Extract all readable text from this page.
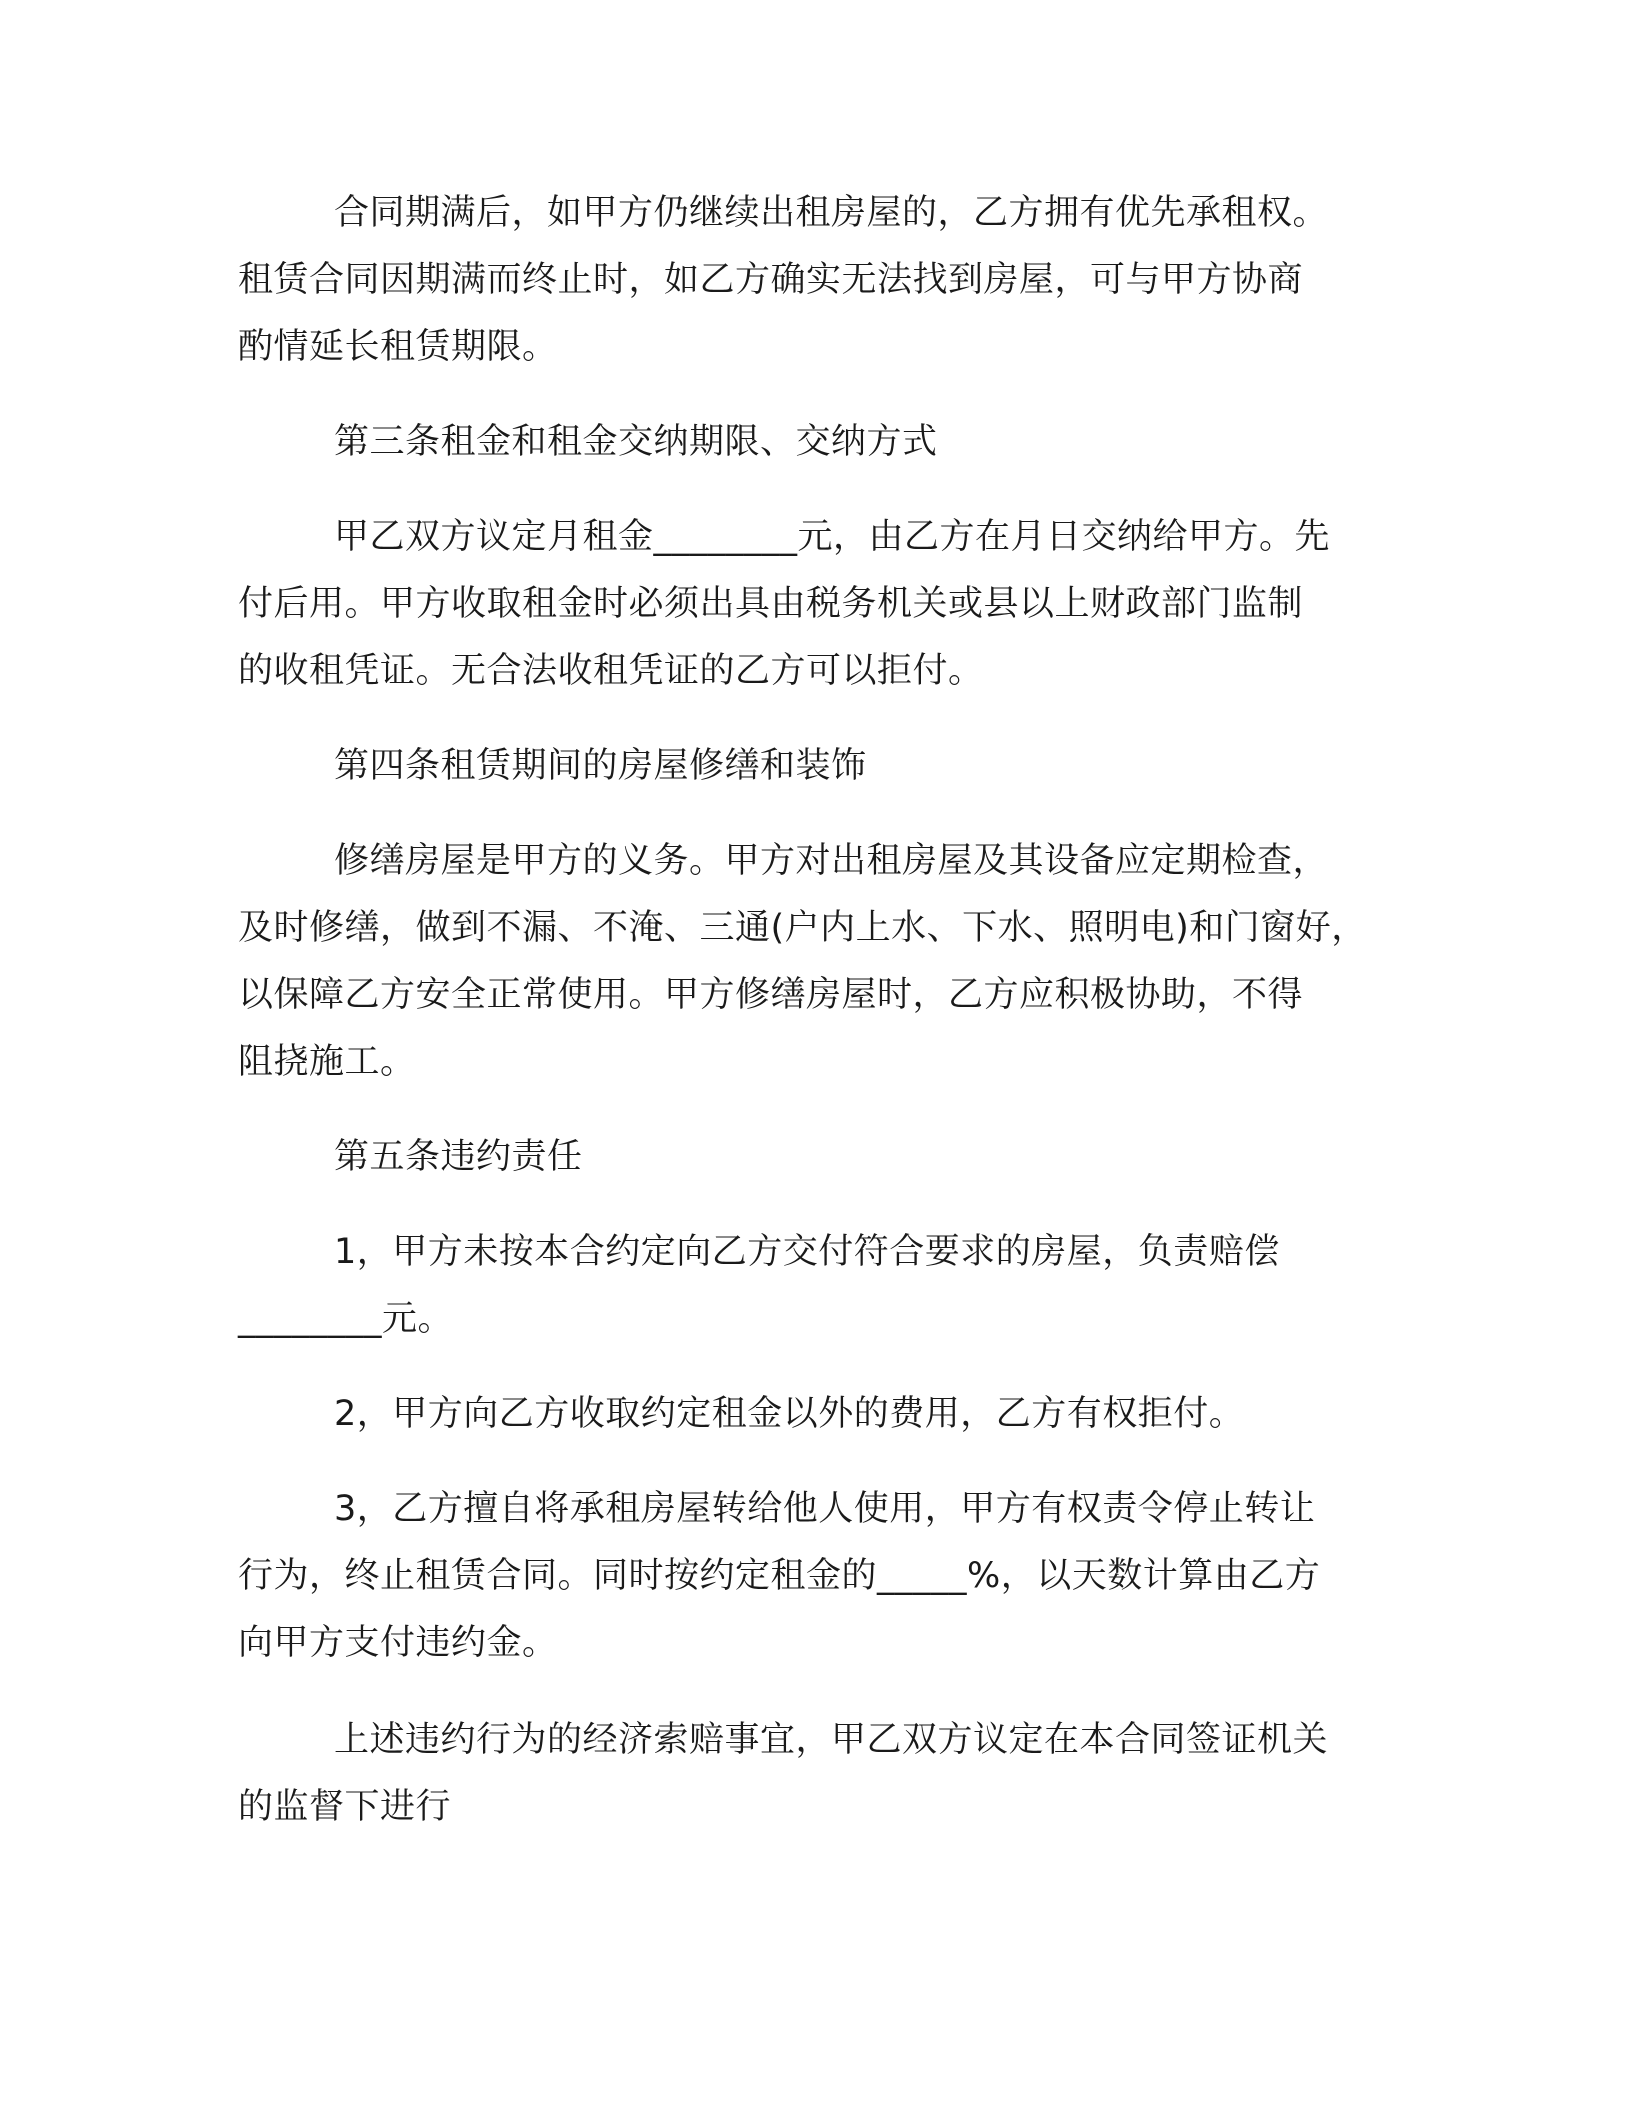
合同期满后，如甲方仍继续出租房屋的，乙方拥有优先承租权。
租赁合同因期满而终止时，如乙方确实无法找到房屋，可与甲方协商
酌情延长租赁期限。

第三条租金和租金交纳期限、交纳方式

甲乙双方议定月租金________元，由乙方在月日交纳给甲方。先
付后用。甲方收取租金时必须出具由税务机关或县以上财政部门监制
的收租凭证。无合法收租凭证的乙方可以拒付。

第四条租赁期间的房屋修缮和装饰

修缮房屋是甲方的义务。甲方对出租房屋及其设备应定期检查，
及时修缮，做到不漏、不淹、三通(户内上水、下水、照明电)和门窗好，
以保障乙方安全正常使用。甲方修缮房屋时，乙方应积极协助，不得
阻挠施工。

第五条违约责任

1，甲方未按本合约定向乙方交付符合要求的房屋，负责赔偿
________元。

2，甲方向乙方收取约定租金以外的费用，乙方有权拒付。

3，乙方擅自将承租房屋转给他人使用，甲方有权责令停止转让
行为，终止租赁合同。同时按约定租金的_____%，以天数计算由乙方
向甲方支付违约金。

上述违约行为的经济索赔事宜，甲乙双方议定在本合同签证机关
的监督下进行
